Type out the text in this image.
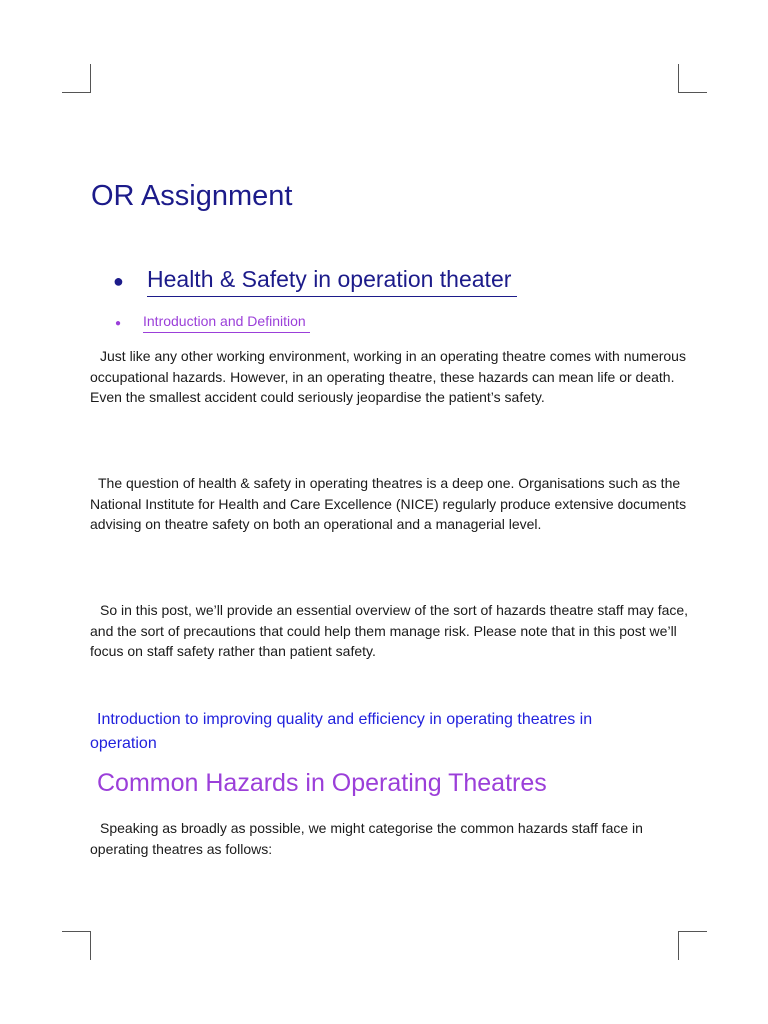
OR Assignment
●	Health & Safety in operation theater
●	Introduction and Definition

Just like any other working environment, working in an operating theatre comes with numerous occupational hazards. However, in an operating theatre, these hazards can mean life or death. Even the smallest accident could seriously jeopardise the patient’s safety.

The question of health & safety in operating theatres is a deep one. Organisations such as the National Institute for Health and Care Excellence (NICE) regularly produce extensive documents advising on theatre safety on both an operational and a managerial level.

So in this post, we’ll provide an essential overview of the sort of hazards theatre staff may face, and the sort of precautions that could help them manage risk. Please note that in this post we’ll focus on staff safety rather than patient safety.

Introduction to improving quality and efficiency in operating theatres in operation
Common Hazards in Operating Theatres

Speaking as broadly as possible, we might categorise the common hazards staff face in operating theatres as follows:
